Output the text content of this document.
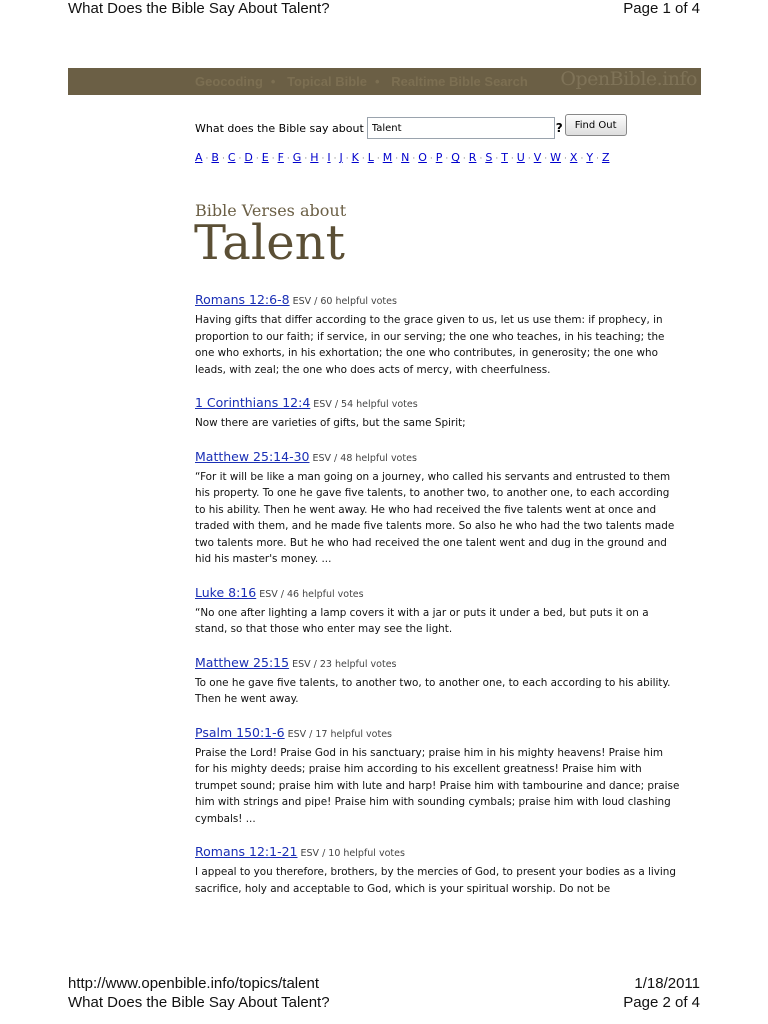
What Does the Bible Say About Talent?	Page 1 of 4
Geocoding • Topical Bible • Realtime Bible Search OpenBible.info
What does the Bible say about
Talent	?	Find Out
A · B · C · D · E · F · G · H · I · J · K · L · M · N · O · P · Q · R · S · T · U · V · W · X · Y · Z
Bible Verses about
Talent
Romans 12:6-8 ESV / 60 helpful votes
Having gifts that differ according to the grace given to us, let us use them: if prophecy, in proportion to our faith; if service, in our serving; the one who teaches, in his teaching; the one who exhorts, in his exhortation; the one who contributes, in generosity; the one who leads, with zeal; the one who does acts of mercy, with cheerfulness.
1 Corinthians 12:4 ESV / 54 helpful votes
Now there are varieties of gifts, but the same Spirit;
Matthew 25:14-30 ESV / 48 helpful votes
“For it will be like a man going on a journey, who called his servants and entrusted to them his property. To one he gave five talents, to another two, to another one, to each according to his ability. Then he went away. He who had received the five talents went at once and traded with them, and he made five talents more. So also he who had the two talents made two talents more. But he who had received the one talent went and dug in the ground and hid his master's money. ...
Luke 8:16 ESV / 46 helpful votes
“No one after lighting a lamp covers it with a jar or puts it under a bed, but puts it on a stand, so that those who enter may see the light.
Matthew 25:15 ESV / 23 helpful votes
To one he gave five talents, to another two, to another one, to each according to his ability. Then he went away.
Psalm 150:1-6 ESV / 17 helpful votes
Praise the Lord! Praise God in his sanctuary; praise him in his mighty heavens! Praise him for his mighty deeds; praise him according to his excellent greatness! Praise him with trumpet sound; praise him with lute and harp! Praise him with tambourine and dance; praise him with strings and pipe! Praise him with sounding cymbals; praise him with loud clashing cymbals! ...
Romans 12:1-21 ESV / 10 helpful votes
I appeal to you therefore, brothers, by the mercies of God, to present your bodies as a living sacrifice, holy and acceptable to God, which is your spiritual worship. Do not be
http://www.openbible.info/topics/talent	1/18/2011
What Does the Bible Say About Talent?	Page 2 of 4
